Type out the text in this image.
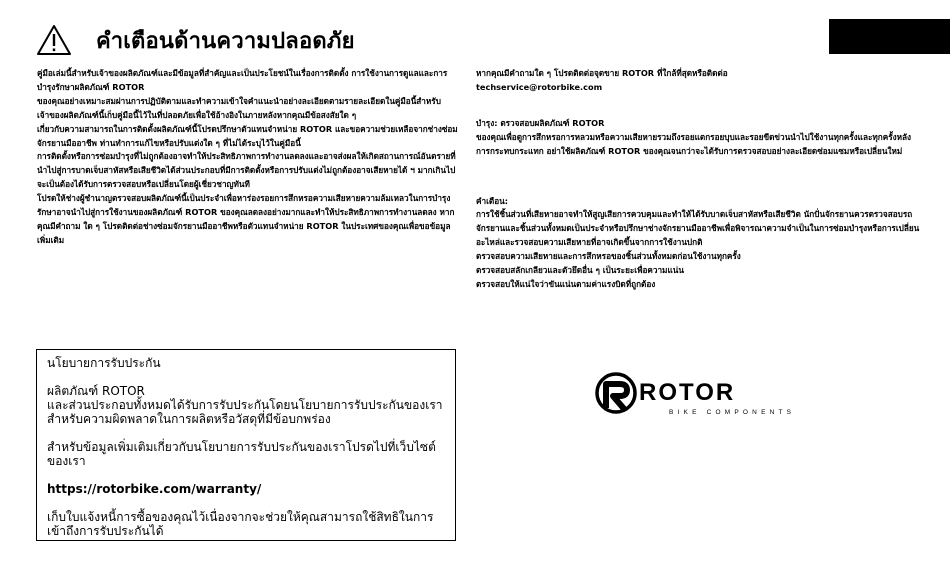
คำเตือนด้านความปลอดภัย

คู่มือเล่มนี้สำหรับเจ้าของผลิตภัณฑ์และมีข้อมูลที่สำคัญและเป็นประโยชน์ในเรื่องการติดตั้ง การใช้งานการดูแลและการบำรุงรักษาผลิตภัณฑ์ ROTOR

ของคุณอย่างเหมาะสมผ่านการปฏิบัติตามและทำความเข้าใจคำแนะนำอย่างละเอียดตามรายละเอียดในคู่มือนี้สำหรับเจ้าของผลิตภัณฑ์นี้เก็บคู่มือนี้ไว้ในที่ปลอดภัยเพื่อใช้อ้างอิงในภายหลังหากคุณมีข้อสงสัยใด ๆ

เกี่ยวกับความสามารถในการติดตั้งผลิตภัณฑ์นี้โปรดปรึกษาตัวแทนจำหน่าย ROTOR และขอความช่วยเหลือจากช่างซ่อมจักรยานมืออาชีพ ท่านทำการแก้ไขหรือปรับแต่งใด ๆ ที่ไม่ได้ระบุไว้ในคู่มือนี้

การติดตั้งหรือการซ่อมบำรุงที่ไม่ถูกต้องอาจทำให้ประสิทธิภาพการทำงานลดลงและอาจส่งผลให้เกิดสถานการณ์อันตรายที่นำไปสู่การบาดเจ็บสาหัสหรือเสียชีวิตได้ส่วนประกอบที่มีการติดตั้งหรือการปรับแต่งไม่ถูกต้องอาจเสียหายได้ ฯ มากเกินไปจะเป็นต้องได้รับการตรวจสอบหรือเปลี่ยนโดยผู้เชี่ยวชาญทันที

โปรดให้ช่างผู้ชำนาญตรวจสอบผลิตภัณฑ์นี้เป็นประจำเพื่อหาร่องรอยการสึกหรอความเสียหายความล้มเหลวในการบำรุงรักษาอาจนำไปสู่การใช้งานของผลิตภัณฑ์ ROTOR ของคุณลดลงอย่างมากและทำให้ประสิทธิภาพการทำงานลดลง หากคุณมีคำถาม ใด ๆ โปรดติดต่อช่างซ่อมจักรยานมืออาชีพหรือตัวแทนจำหน่าย ROTOR ในประเทศของคุณเพื่อขอข้อมูลเพิ่มเติม

หากคุณมีคำถามใด ๆ โปรดติดต่อจุดขาย ROTOR ที่ใกล้ที่สุดหรือติดต่อ

techservice@rotorbike.com

บำรุง: ตรวจสอบผลิตภัณฑ์ ROTOR

ของคุณเพื่อดูการสึกหรอการหลวมหรือความเสียหายรวมถึงรอยแตกรอยบุบและรอยขีดข่วนนำไปใช้งานทุกครั้งและทุกครั้งหลังการกระทบกระแทก อย่าใช้ผลิตภัณฑ์ ROTOR ของคุณจนกว่าจะได้รับการตรวจสอบอย่างละเอียดซ่อมแซมหรือเปลี่ยนใหม่

คำเตือน:

การใช้ชิ้นส่วนที่เสียหายอาจทำให้สูญเสียการควบคุมและทำให้ได้รับบาดเจ็บสาหัสหรือเสียชีวิต นักปั่นจักรยานควรตรวจสอบรถจักรยานและชิ้นส่วนทั้งหมดเป็นประจำหรือปรึกษาช่างจักรยานมืออาชีพเพื่อพิจารณาความจำเป็นในการซ่อมบำรุงหรือการเปลี่ยนอะไหล่และรวจสอบความเสียหายที่อาจเกิดขึ้นจากการใช้งานปกติ

ตรวจสอบความเสียหายและการสึกหรอของชิ้นส่วนทั้งหมดก่อนใช้งานทุกครั้ง

ตรวจสอบสลักเกลียวและตัวยึดอื่น ๆ เป็นระยะเพื่อความแน่น

ตรวจสอบให้แน่ใจว่าขันแน่นตามค่าแรงบิดที่ถูกต้อง

นโยบายการรับประกัน

ผลิตภัณฑ์ ROTOR
และส่วนประกอบทั้งหมดได้รับการรับประกันโดยนโยบายการรับประกันของเราสำหรับความผิดพลาดในการผลิตหรือวัสดุที่มีข้อบกพร่อง

สำหรับข้อมูลเพิ่มเติมเกี่ยวกับนโยบายการรับประกันของเราโปรดไปที่เว็บไซต์ของเรา

https://rotorbike.com/warranty/

เก็บใบแจ้งหนี้การซื้อของคุณไว้เนื่องจากจะช่วยให้คุณสามารถใช้สิทธิในการเข้าถึงการรับประกันได้

ROTOR
BIKE COMPONENTS
